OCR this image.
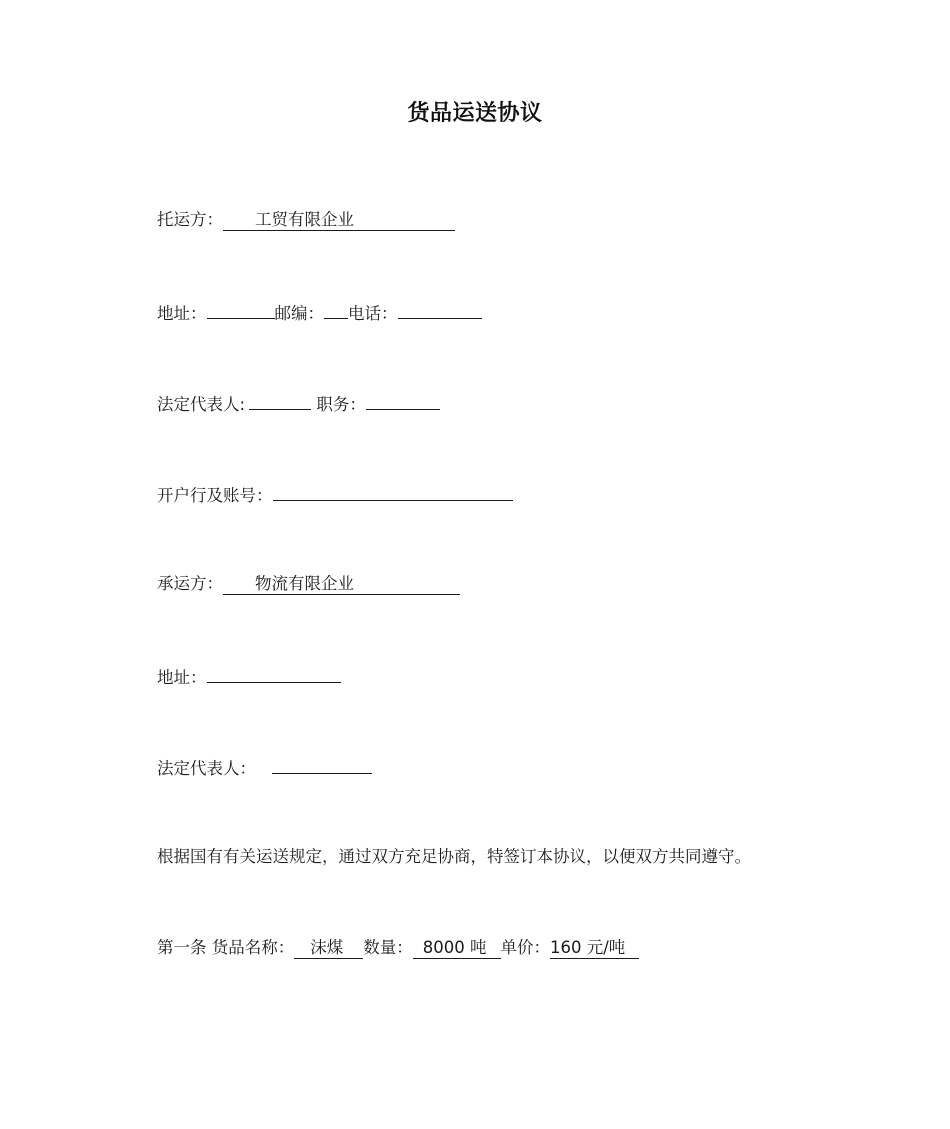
货品运送协议
托运方： 工贸有限企业
地址：	邮编： 电话：
法定代表人:	职务：
开户行及账号：
承运方： 物流有限企业
地址：
法定代表人：
根据国有有关运送规定，通过双方充足协商，特签订本协议，以便双方共同遵守。
第一条 货品名称： 沫煤 数量： 8000 吨 单价：160 元/吨
